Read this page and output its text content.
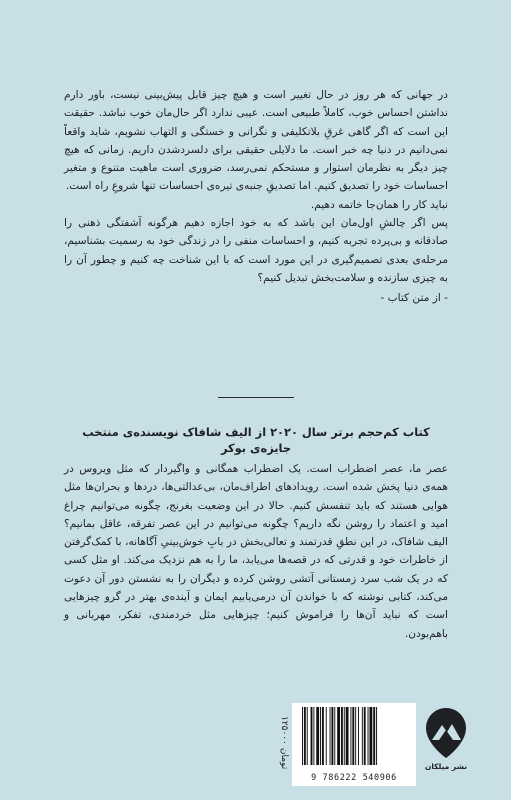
در جهانی که هر روز در حال تغییر است و هیچ چیز قابل پیش‌بینی نیست، باور دارم نداشتن احساس خوب، کاملاً طبیعی است. عیبی ندارد اگر حال‌مان خوب نباشد. حقیقت این است که اگر گاهی غرقِ بلاتکلیفی و نگرانی و خستگی و التهاب نشویم، شاید واقعاً نمی‌دانیم در دنیا چه خبر است. ما دلایلی حقیقی برای دلسردشدن داریم. زمانی که هیچ چیز دیگر به نظرمان استوار و مستحکم نمی‌رسد، ضروری است ماهیت متنوع و متغیر احساسات خود را تصدیق کنیم. اما تصدیقِ جنبه‌ی تیره‌ی احساسات تنها شروعِ راه است.

نباید کار را همان‌جا خاتمه دهیم.

پس اگر چالشِ اول‌مان این باشد که به خود اجازه دهیم هرگونه آشفتگی ذهنی را صادقانه و بی‌پرده تجربه کنیم، و احساسات منفی را در زندگی خود به رسمیت بشناسیم، مرحله‌ی بعدی تصمیم‌گیری در این مورد است که با این شناخت چه کنیم و چطور آن را به چیزی سازنده و سلامت‌بخش تبدیل کنیم؟

- از متن کتاب -

کتاب کم‌حجم برتر سال ۲۰۲۰ از الیف شافاک نویسنده‌ی منتخب جایزه‌ی بوکر

عصر ما، عصر اضطراب است. یک اضطراب همگانی و واگیردار که مثل ویروس در همه‌ی دنیا پخش شده است. رویدادهای اطراف‌مان، بی‌عدالتی‌ها، دردها و بحران‌ها مثل هوایی هستند که باید تنفسش کنیم. حالا در این وضعیت بغرنج، چگونه می‌توانیم چراغ امید و اعتماد را روشن نگه داریم؟ چگونه می‌توانیم در این عصر تفرقه، عاقل بمانیم؟ الیف شافاک، در این نطقِ قدرتمند و تعالی‌بخش در بابِ خوش‌بینیِ آگاهانه، با کمک‌گرفتن از خاطرات خود و قدرتی که در قصه‌ها می‌یابد، ما را به هم نزدیک می‌کند. او مثل کسی که در یک شب سرد زمستانی آتشی روشن کرده و دیگران را به نشستن دور آن دعوت می‌کند، کتابی نوشته که با خواندن آن درمی‌یابیم ایمان و آینده‌ی بهتر در گرو چیزهایی است که نباید آن‌ها را فراموش کنیم؛ چیزهایی مثل خردمندی، تفکر، مهربانی و باهم‌بودن.

۱۲۵۰۰۰ تومان
9 786222 540906
نشر میلکان
